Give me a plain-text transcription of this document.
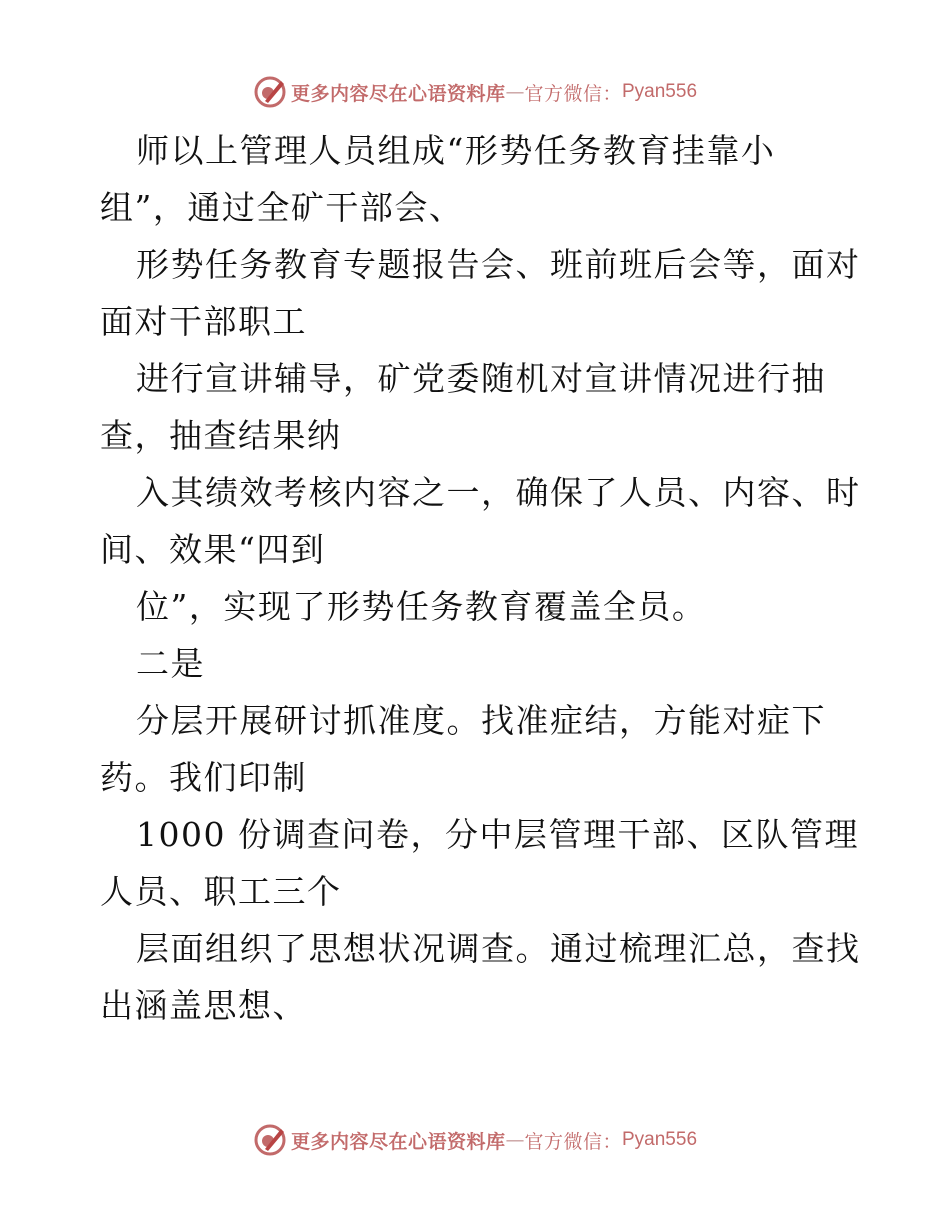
更多内容尽在心语资料库 — 官方微信： Pyan556
师以上管理人员组成“形势任务教育挂靠小
组”，通过全矿干部会、
形势任务教育专题报告会、班前班后会等，面对
面对干部职工
进行宣讲辅导，矿党委随机对宣讲情况进行抽
查，抽查结果纳
入其绩效考核内容之一，确保了人员、内容、时
间、效果“四到
位”，实现了形势任务教育覆盖全员。
二是
分层开展研讨抓准度。找准症结，方能对症下
药。我们印制
1000 份调查问卷，分中层管理干部、区队管理
人员、职工三个
层面组织了思想状况调查。通过梳理汇总，查找
出涵盖思想、
更多内容尽在心语资料库 — 官方微信： Pyan556
